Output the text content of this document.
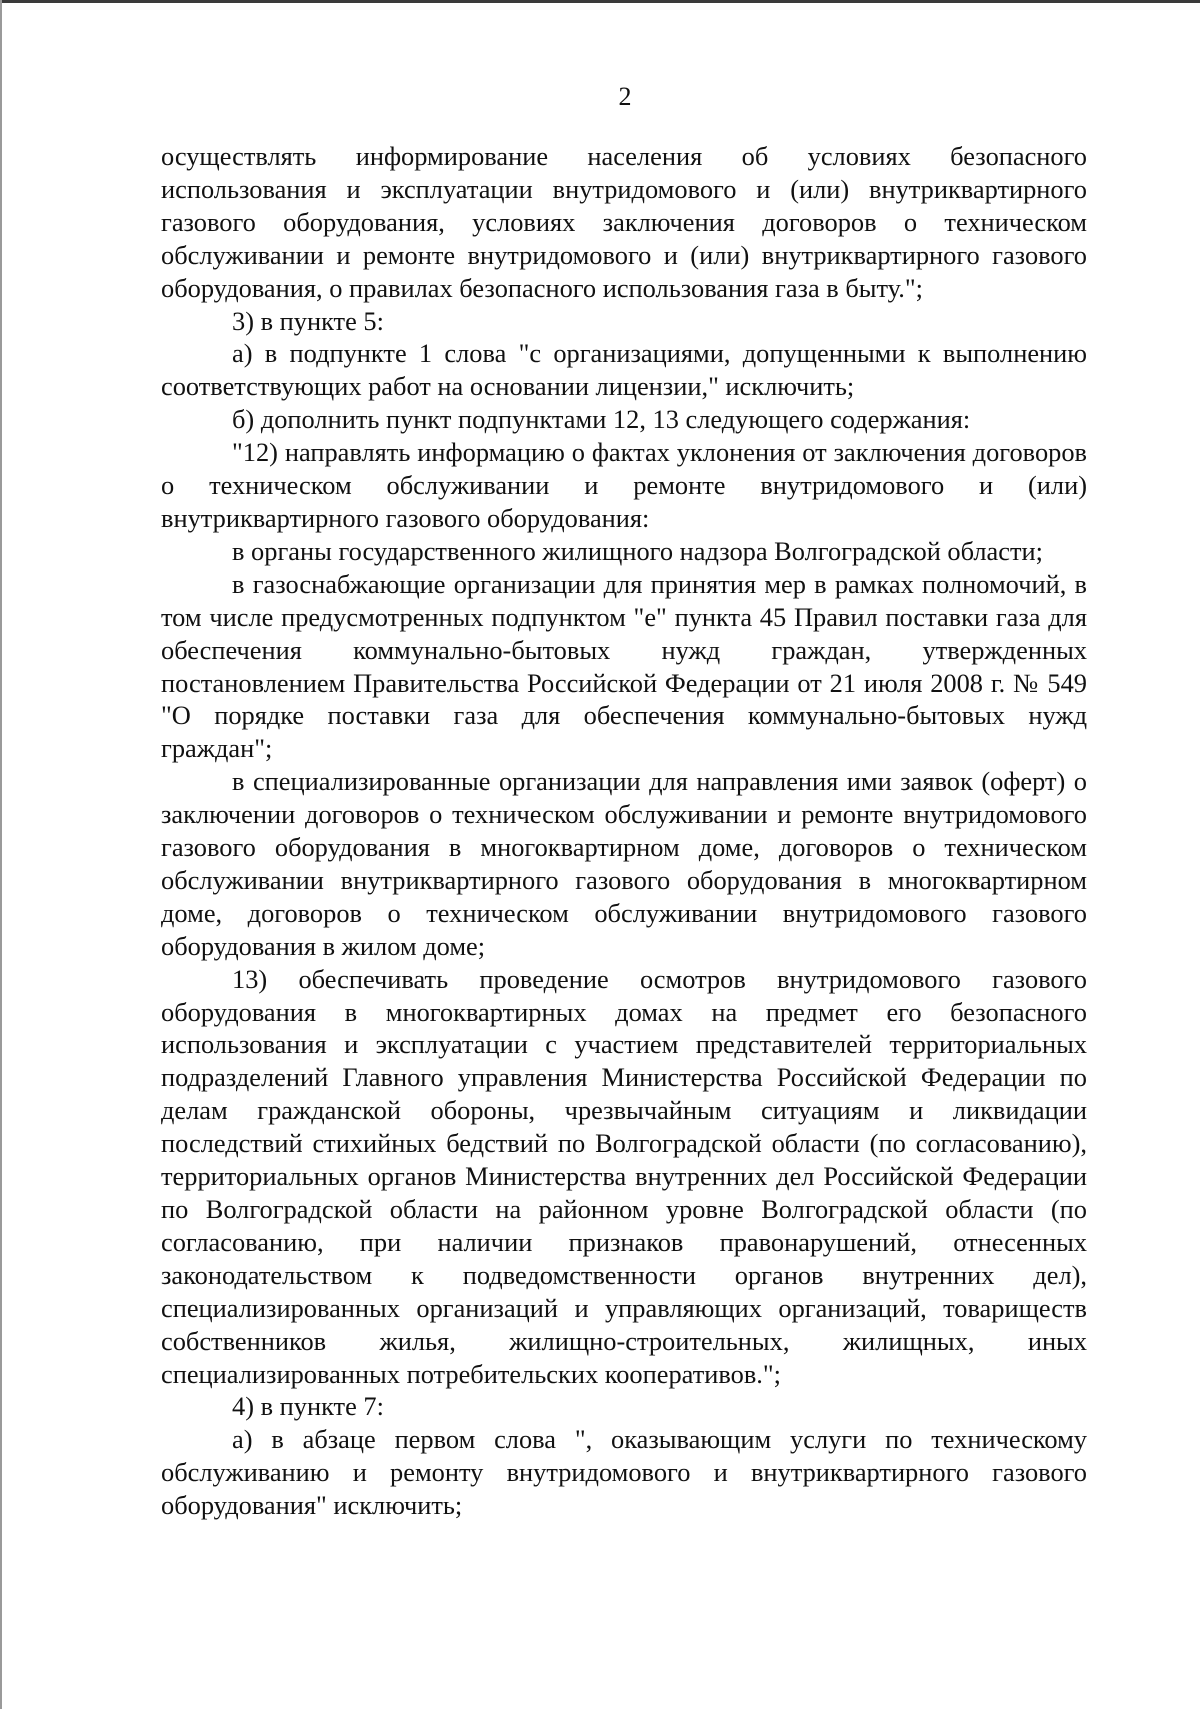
2

осуществлять информирование населения об условиях безопасного использования и эксплуатации внутридомового и (или) внутриквартирного газового оборудования, условиях заключения договоров о техническом обслуживании и ремонте внутридомового и (или) внутриквартирного газового оборудования, о правилах безопасного использования газа в быту.";

3) в пункте 5:

а) в подпункте 1 слова "с организациями, допущенными к выполнению соответствующих работ на основании лицензии," исключить;

б) дополнить пункт подпунктами 12, 13 следующего содержания:

"12) направлять информацию о фактах уклонения от заключения договоров о техническом обслуживании и ремонте внутридомового и (или) внутриквартирного газового оборудования:

в органы государственного жилищного надзора Волгоградской области;

в газоснабжающие организации для принятия мер в рамках полномочий, в том числе предусмотренных подпунктом "е" пункта 45 Правил поставки газа для обеспечения коммунально-бытовых нужд граждан, утвержденных постановлением Правительства Российской Федерации от 21 июля 2008 г. № 549 "О порядке поставки газа для обеспечения коммунально-бытовых нужд граждан";

в специализированные организации для направления ими заявок (оферт) о заключении договоров о техническом обслуживании и ремонте внутридомового газового оборудования в многоквартирном доме, договоров о техническом обслуживании внутриквартирного газового оборудования в многоквартирном доме, договоров о техническом обслуживании внутридомового газового оборудования в жилом доме;

13) обеспечивать проведение осмотров внутридомового газового оборудования в многоквартирных домах на предмет его безопасного использования и эксплуатации с участием представителей территориальных подразделений Главного управления Министерства Российской Федерации по делам гражданской обороны, чрезвычайным ситуациям и ликвидации последствий стихийных бедствий по Волгоградской области (по согласованию), территориальных органов Министерства внутренних дел Российской Федерации по Волгоградской области на районном уровне Волгоградской области (по согласованию, при наличии признаков правонарушений, отнесенных законодательством к подведомственности органов внутренних дел), специализированных организаций и управляющих организаций, товариществ собственников жилья, жилищно-строительных, жилищных, иных специализированных потребительских кооперативов.";

4) в пункте 7:

а) в абзаце первом слова ", оказывающим услуги по техническому обслуживанию и ремонту внутридомового и внутриквартирного газового оборудования" исключить;
